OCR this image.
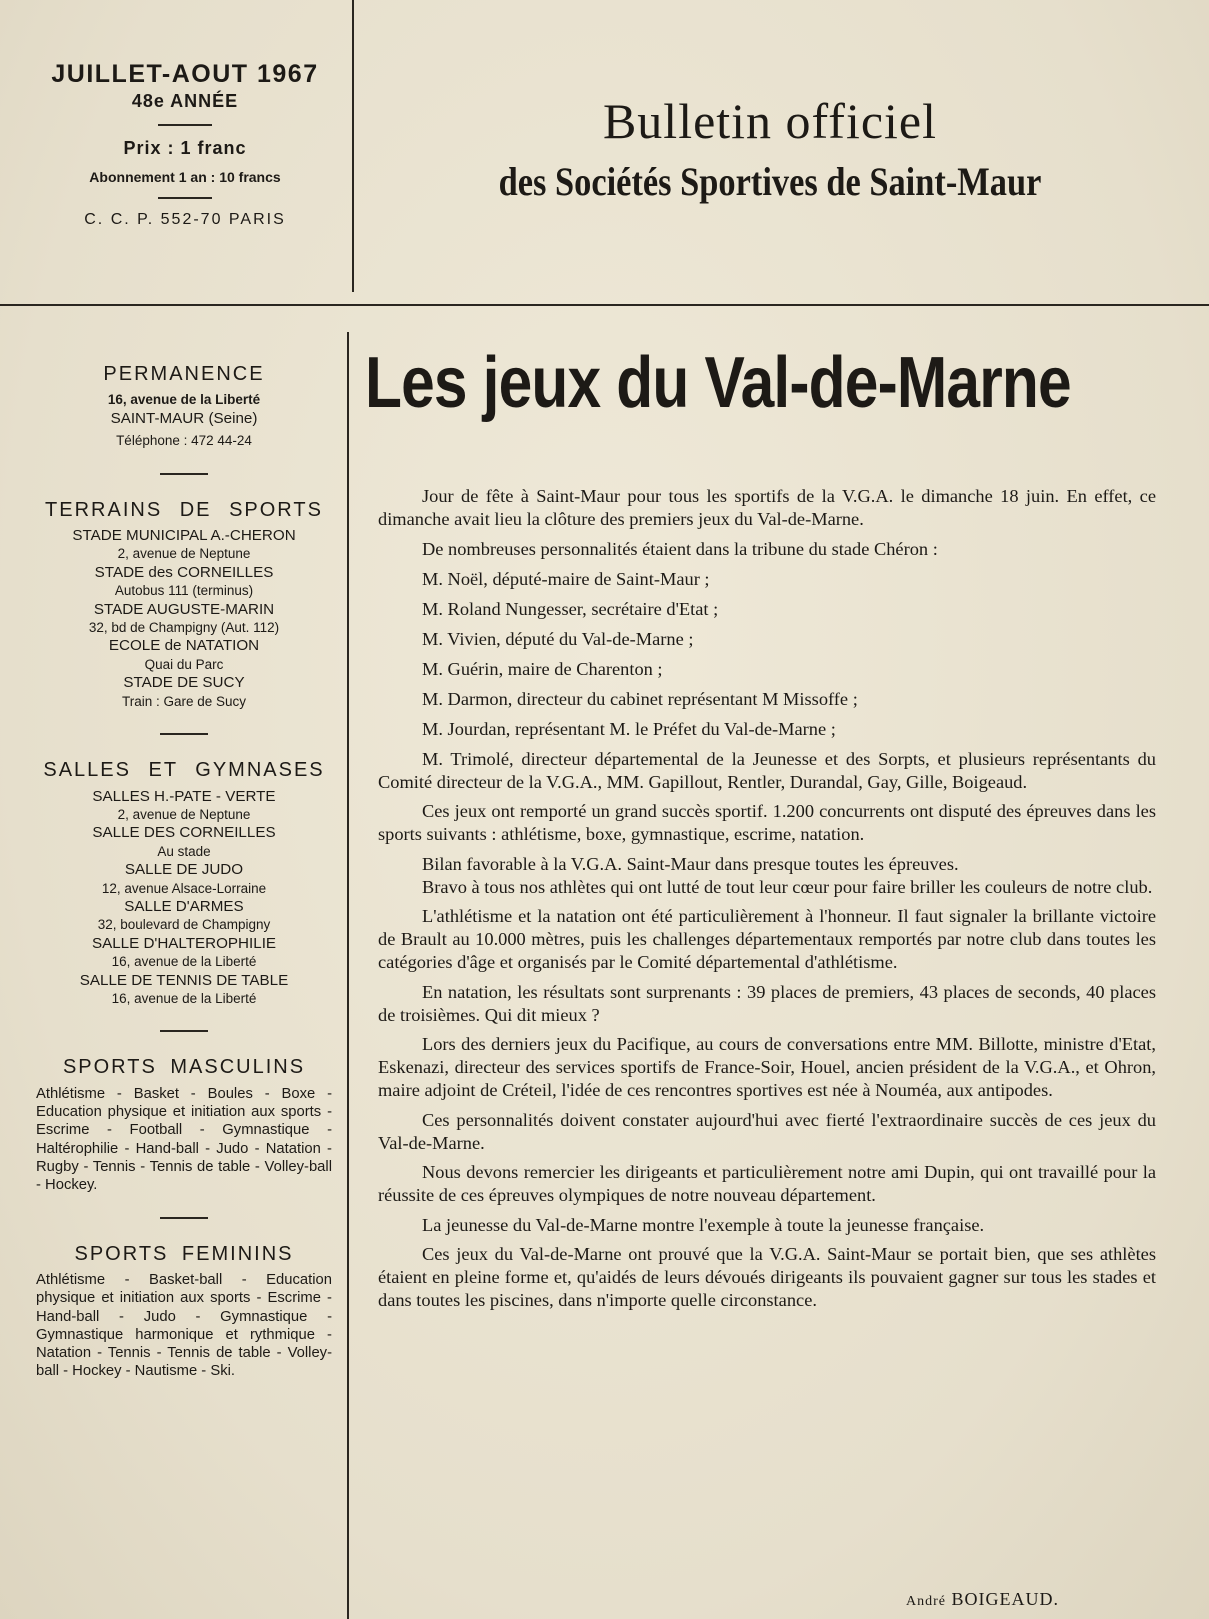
JUILLET-AOUT 1967
48e ANNÉE
Prix : 1 franc
Abonnement 1 an : 10 francs
C. C. P. 552-70 PARIS
Bulletin officiel
des Sociétés Sportives de Saint-Maur
PERMANENCE
16, avenue de la Liberté
SAINT-MAUR (Seine)
Téléphone : 472 44-24
TERRAINS DE SPORTS
STADE MUNICIPAL A.-CHERON
2, avenue de Neptune
STADE des CORNEILLES
Autobus 111 (terminus)
STADE AUGUSTE-MARIN
32, bd de Champigny (Aut. 112)
ECOLE de NATATION
Quai du Parc
STADE DE SUCY
Train : Gare de Sucy
SALLES ET GYMNASES
SALLES H.-PATE - VERTE
2, avenue de Neptune
SALLE DES CORNEILLES
Au stade
SALLE DE JUDO
12, avenue Alsace-Lorraine
SALLE D'ARMES
32, boulevard de Champigny
SALLE D'HALTEROPHILIE
16, avenue de la Liberté
SALLE DE TENNIS DE TABLE
16, avenue de la Liberté
SPORTS MASCULINS

Athlétisme - Basket - Boules - Boxe - Education physique et initiation aux sports - Escrime - Football - Gymnastique - Haltérophilie - Hand-ball - Judo - Natation - Rugby - Tennis - Tennis de table - Volley-ball - Hockey.

SPORTS FEMININS

Athlétisme - Basket-ball - Education physique et initiation aux sports - Escrime - Hand-ball - Judo - Gymnastique - Gymnastique harmonique et rythmique - Natation - Tennis - Tennis de table - Volley-ball - Hockey - Nautisme - Ski.

Les jeux du Val-de-Marne

Jour de fête à Saint-Maur pour tous les sportifs de la V.G.A. le dimanche 18 juin. En effet, ce dimanche avait lieu la clôture des premiers jeux du Val-de-Marne.

De nombreuses personnalités étaient dans la tribune du stade Chéron :

M. Noël, député-maire de Saint-Maur ;

M. Roland Nungesser, secrétaire d'Etat ;

M. Vivien, député du Val-de-Marne ;

M. Guérin, maire de Charenton ;

M. Darmon, directeur du cabinet représentant M Missoffe ;

M. Jourdan, représentant M. le Préfet du Val-de-Marne ;

M. Trimolé, directeur départemental de la Jeunesse et des Sorpts, et plusieurs représentants du Comité directeur de la V.G.A., MM. Gapillout, Rentler, Durandal, Gay, Gille, Boigeaud.

Ces jeux ont remporté un grand succès sportif. 1.200 concurrents ont disputé des épreuves dans les sports suivants : athlétisme, boxe, gymnastique, escrime, natation.

Bilan favorable à la V.G.A. Saint-Maur dans presque toutes les épreuves.

Bravo à tous nos athlètes qui ont lutté de tout leur cœur pour faire briller les couleurs de notre club.

L'athlétisme et la natation ont été particulièrement à l'honneur. Il faut signaler la brillante victoire de Brault au 10.000 mètres, puis les challenges départementaux remportés par notre club dans toutes les catégories d'âge et organisés par le Comité départemental d'athlétisme.

En natation, les résultats sont surprenants : 39 places de premiers, 43 places de seconds, 40 places de troisièmes. Qui dit mieux ?

Lors des derniers jeux du Pacifique, au cours de conversations entre MM. Billotte, ministre d'Etat, Eskenazi, directeur des services sportifs de France-Soir, Houel, ancien président de la V.G.A., et Ohron, maire adjoint de Créteil, l'idée de ces rencontres sportives est née à Nouméa, aux antipodes.

Ces personnalités doivent constater aujourd'hui avec fierté l'extraordinaire succès de ces jeux du Val-de-Marne.

Nous devons remercier les dirigeants et particulièrement notre ami Dupin, qui ont travaillé pour la réussite de ces épreuves olympiques de notre nouveau département.

La jeunesse du Val-de-Marne montre l'exemple à toute la jeunesse française.

Ces jeux du Val-de-Marne ont prouvé que la V.G.A. Saint-Maur se portait bien, que ses athlètes étaient en pleine forme et, qu'aidés de leurs dévoués dirigeants ils pouvaient gagner sur tous les stades et dans toutes les piscines, dans n'importe quelle circonstance.

André BOIGEAUD.
